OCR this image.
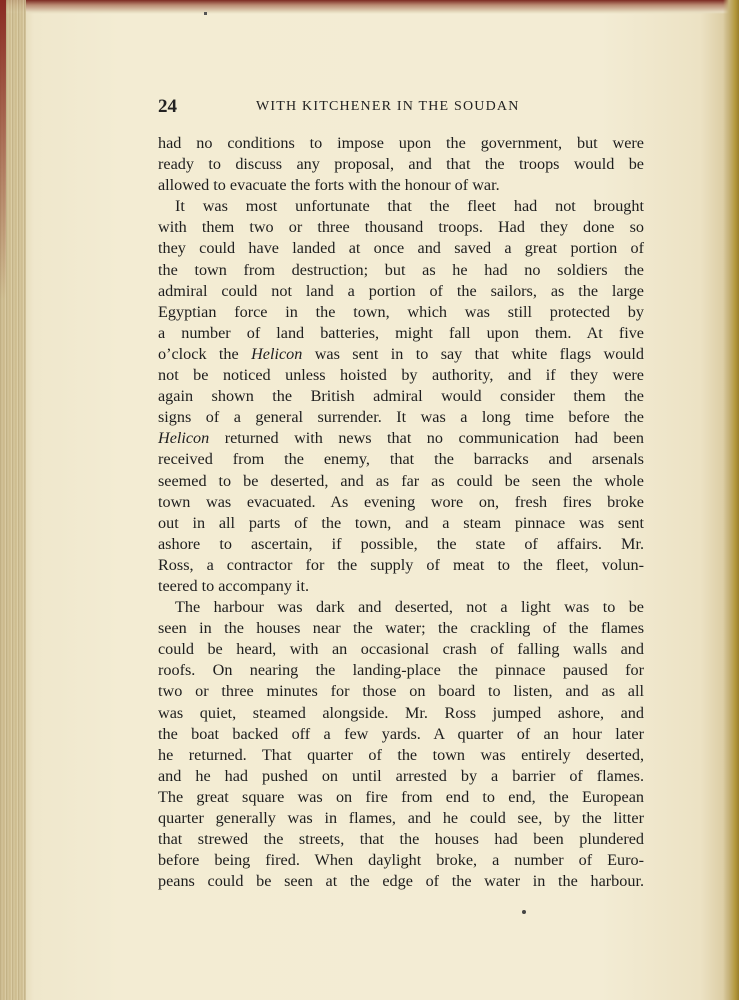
24	WITH KITCHENER IN THE SOUDAN
had no conditions to impose upon the government, but were
ready to discuss any proposal, and that the troops would be
allowed to evacuate the forts with the honour of war.
It was most unfortunate that the fleet had not brought
with them two or three thousand troops. Had they done so
they could have landed at once and saved a great portion of
the town from destruction; but as he had no soldiers the
admiral could not land a portion of the sailors, as the large
Egyptian force in the town, which was still protected by
a number of land batteries, might fall upon them. At five
o’clock the Helicon was sent in to say that white flags would
not be noticed unless hoisted by authority, and if they were
again shown the British admiral would consider them the
signs of a general surrender. It was a long time before the
Helicon returned with news that no communication had been
received from the enemy, that the barracks and arsenals
seemed to be deserted, and as far as could be seen the whole
town was evacuated. As evening wore on, fresh fires broke
out in all parts of the town, and a steam pinnace was sent
ashore to ascertain, if possible, the state of affairs. Mr.
Ross, a contractor for the supply of meat to the fleet, volun-
teered to accompany it.
The harbour was dark and deserted, not a light was to be
seen in the houses near the water; the crackling of the flames
could be heard, with an occasional crash of falling walls and
roofs. On nearing the landing-place the pinnace paused for
two or three minutes for those on board to listen, and as all
was quiet, steamed alongside. Mr. Ross jumped ashore, and
the boat backed off a few yards. A quarter of an hour later
he returned. That quarter of the town was entirely deserted,
and he had pushed on until arrested by a barrier of flames.
The great square was on fire from end to end, the European
quarter generally was in flames, and he could see, by the litter
that strewed the streets, that the houses had been plundered
before being fired. When daylight broke, a number of Euro-
peans could be seen at the edge of the water in the harbour.
